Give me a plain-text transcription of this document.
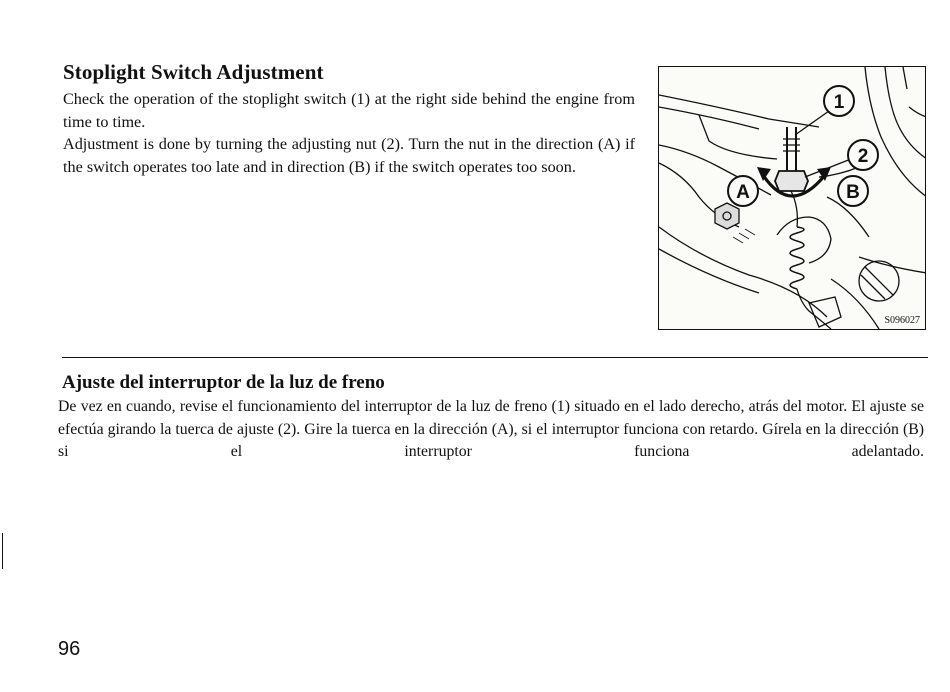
Stoplight Switch Adjustment

Check the operation of the stoplight switch (1) at the right side behind the engine from time to time.

Adjustment is done by turning the adjusting nut (2). Turn the nut in the direction (A) if the switch operates too late and in direction (B) if the switch operates too soon.

1
2
A	B
S096027
Ajuste del interruptor de la luz de freno

De vez en cuando, revise el funcionamiento del interruptor de la luz de freno (1) situado en el lado derecho, atrás del motor. El ajuste se efectúa girando la tuerca de ajuste (2). Gire la tuerca en la dirección (A), si el interruptor funciona con retardo. Gírela en la dirección (B) si el interruptor funciona adelantado.

96
